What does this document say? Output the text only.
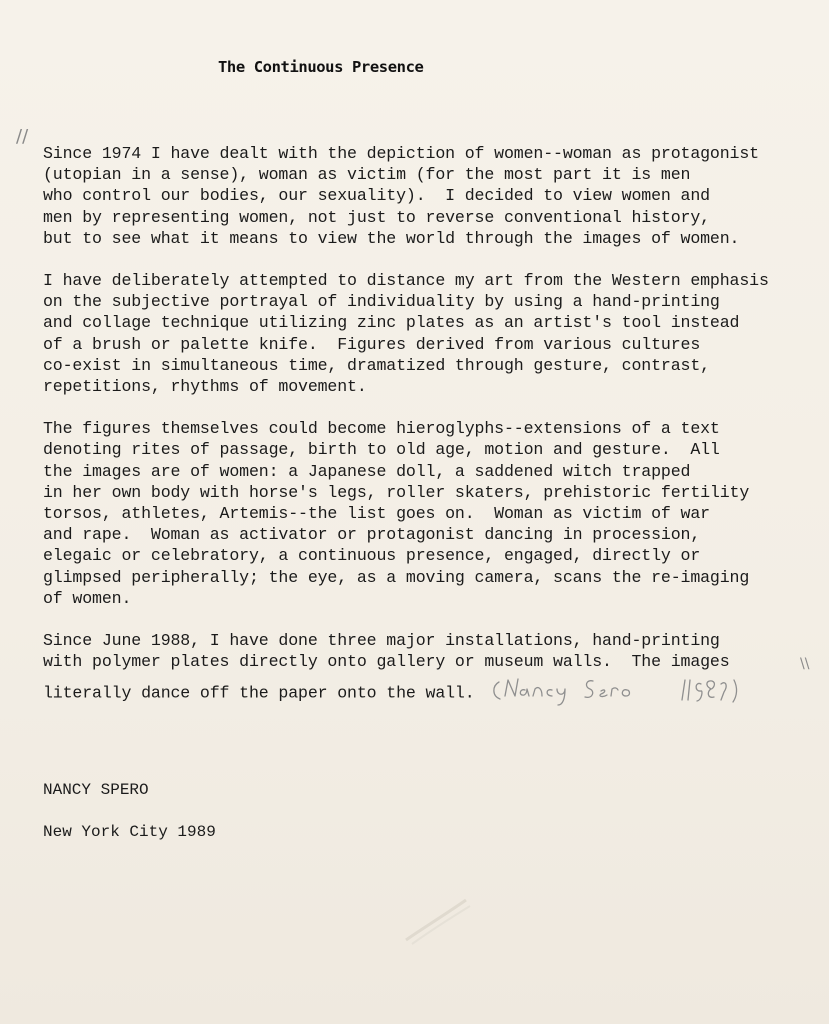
//
The Continuous Presence

Since 1974 I have dealt with the depiction of women--woman as protagonist
(utopian in a sense), woman as victim (for the most part it is men
who control our bodies, our sexuality).  I decided to view women and
men by representing women, not just to reverse conventional history,
but to see what it means to view the world through the images of women.

I have deliberately attempted to distance my art from the Western emphasis
on the subjective portrayal of individuality by using a hand-printing
and collage technique utilizing zinc plates as an artist's tool instead
of a brush or palette knife.  Figures derived from various cultures
co-exist in simultaneous time, dramatized through gesture, contrast,
repetitions, rhythms of movement.

The figures themselves could become hieroglyphs--extensions of a text
denoting rites of passage, birth to old age, motion and gesture.  All
the images are of women: a Japanese doll, a saddened witch trapped
in her own body with horse's legs, roller skaters, prehistoric fertility
torsos, athletes, Artemis--the list goes on.  Woman as victim of war
and rape.  Woman as activator or protagonist dancing in procession,
elegaic or celebratory, a continuous presence, engaged, directly or
glimpsed peripherally; the eye, as a moving camera, scans the re-imaging
of women.

Since June 1988, I have done three major installations, hand-printing
with polymer plates directly onto gallery or museum walls.  The images
literally dance off the paper onto the wall.

\\
NANCY SPERO
New York City 1989
